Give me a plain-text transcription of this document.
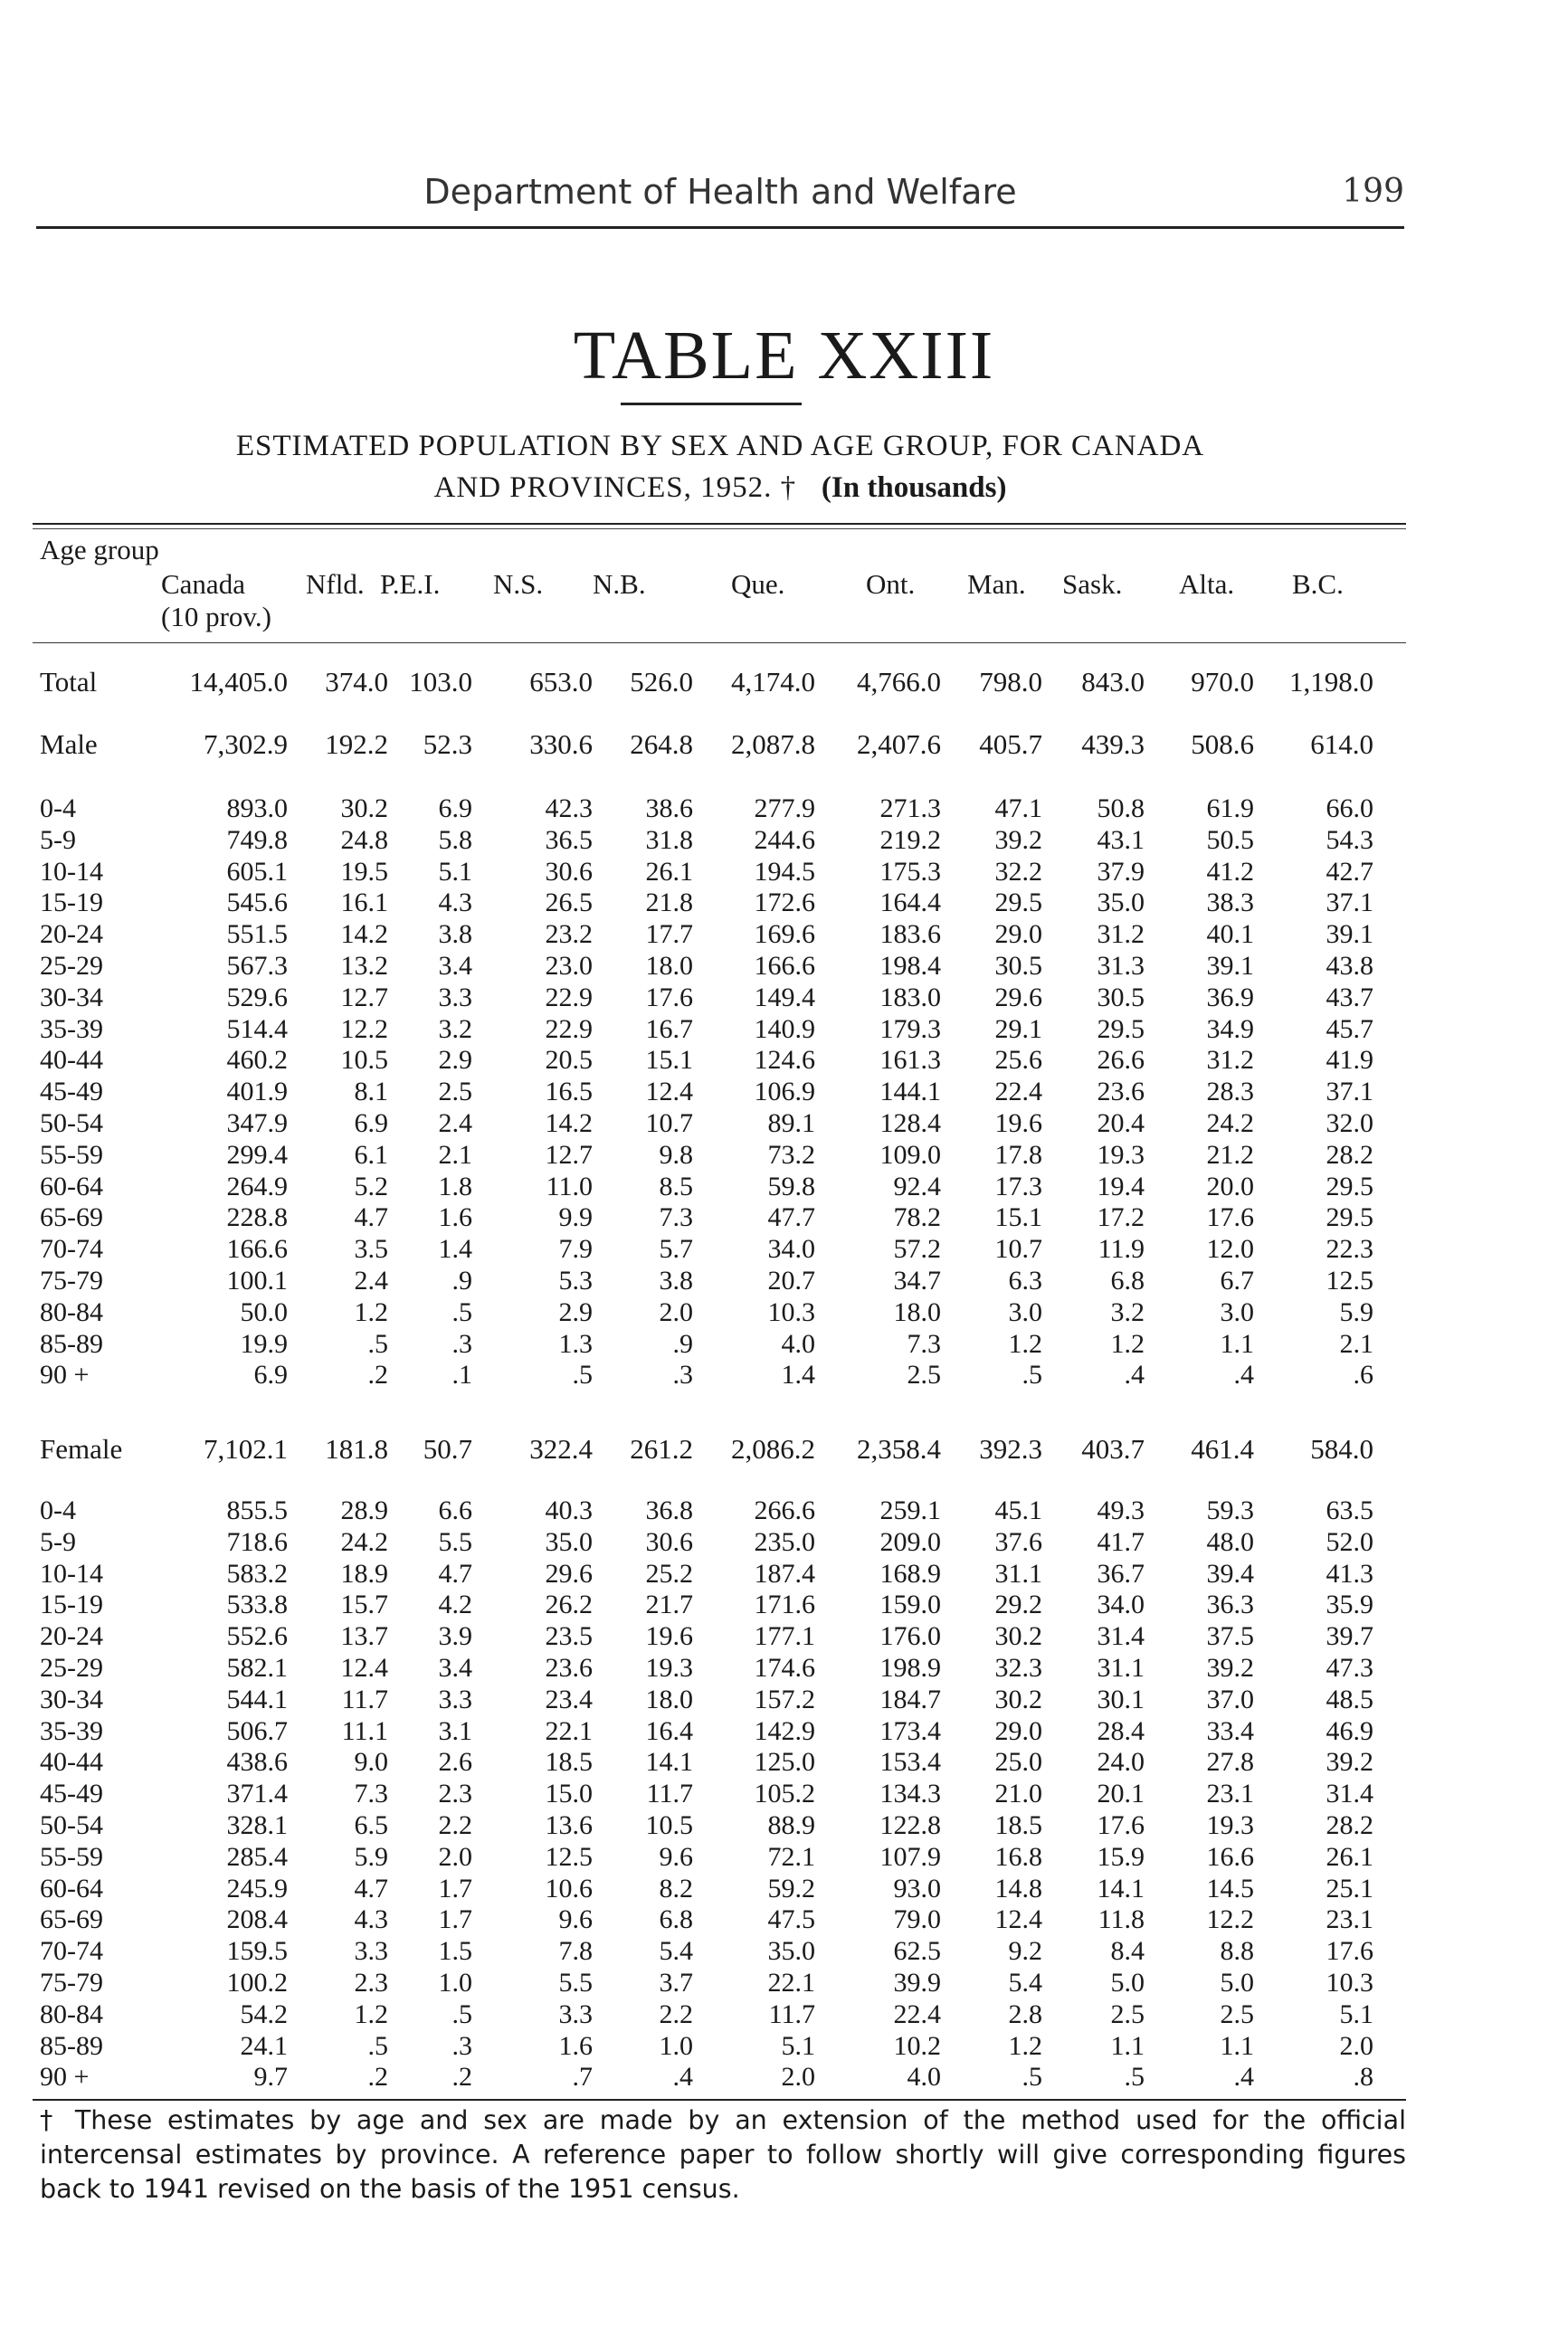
Department of Health and Welfare	199
TABLE XXIII
ESTIMATED POPULATION BY SEX AND AGE GROUP, FOR CANADA
AND PROVINCES, 1952. † (In thousands)
Age group
Canada Nfld. P.E.I. N.S. N.B.	Que.	Ont. Man. Sask. Alta. B.C.
(10 prov.)
Total	14,405.0 374.0 103.0 653.0 526.0 4,174.0 4,766.0 798.0 843.0 970.0 1,198.0
Male	7,302.9 192.2 52.3 330.6 264.8 2,087.8 2,407.6 405.7 439.3 508.6 614.0
0-4	893.0 30.2 6.9	42.3 38.6 277.9 271.3 47.1 50.8 61.9	66.0
5-9	749.8 24.8 5.8	36.5 31.8 244.6 219.2 39.2 43.1 50.5	54.3
10-14	605.1 19.5 5.1	30.6 26.1 194.5 175.3 32.2 37.9 41.2	42.7
15-19	545.6 16.1 4.3	26.5 21.8 172.6 164.4 29.5 35.0 38.3	37.1
20-24	551.5 14.2 3.8	23.2 17.7 169.6 183.6 29.0 31.2 40.1	39.1
25-29	567.3 13.2 3.4	23.0 18.0 166.6 198.4 30.5 31.3 39.1	43.8
30-34	529.6 12.7 3.3	22.9 17.6 149.4 183.0 29.6 30.5 36.9	43.7
35-39	514.4 12.2 3.2	22.9 16.7 140.9 179.3 29.1 29.5 34.9	45.7
40-44	460.2 10.5 2.9	20.5 15.1 124.6 161.3 25.6 26.6 31.2	41.9
45-49	401.9 8.1 2.5	16.5 12.4 106.9 144.1 22.4 23.6 28.3	37.1
50-54	347.9 6.9 2.4	14.2 10.7	89.1 128.4 19.6 20.4 24.2	32.0
55-59	299.4 6.1 2.1	12.7 9.8	73.2 109.0 17.8 19.3 21.2	28.2
60-64	264.9 5.2 1.8	11.0 8.5	59.8	92.4 17.3 19.4 20.0	29.5
65-69	228.8 4.7 1.6	9.9 7.3	47.7	78.2 15.1 17.2 17.6	29.5
70-74	166.6 3.5 1.4	7.9 5.7	34.0	57.2 10.7 11.9 12.0	22.3
75-79	100.1 2.4 .9	5.3 3.8	20.7	34.7 6.3	6.8	6.7	12.5
80-84	50.0 1.2 .5	2.9 2.0	10.3	18.0 3.0	3.2	3.0	5.9
85-89	19.9	.5 .3	1.3	.9	4.0	7.3 1.2	1.2	1.1	2.1
90 +	6.9	.2 .1	.5	.3	1.4	2.5	.5	.4	.4	.6
Female	7,102.1 181.8 50.7 322.4 261.2 2,086.2 2,358.4 392.3 403.7 461.4 584.0
0-4	855.5 28.9 6.6	40.3 36.8 266.6 259.1 45.1 49.3 59.3	63.5
5-9	718.6 24.2 5.5	35.0 30.6 235.0 209.0 37.6 41.7 48.0	52.0
10-14	583.2 18.9 4.7	29.6 25.2 187.4 168.9 31.1 36.7 39.4	41.3
15-19	533.8 15.7 4.2	26.2 21.7 171.6 159.0 29.2 34.0 36.3	35.9
20-24	552.6 13.7 3.9	23.5 19.6 177.1 176.0 30.2 31.4 37.5	39.7
25-29	582.1 12.4 3.4	23.6 19.3 174.6 198.9 32.3 31.1 39.2	47.3
30-34	544.1 11.7 3.3	23.4 18.0 157.2 184.7 30.2 30.1 37.0	48.5
35-39	506.7 11.1 3.1	22.1 16.4 142.9 173.4 29.0 28.4 33.4	46.9
40-44	438.6 9.0 2.6	18.5 14.1 125.0 153.4 25.0 24.0 27.8	39.2
45-49	371.4 7.3 2.3	15.0 11.7 105.2 134.3 21.0 20.1 23.1	31.4
50-54	328.1 6.5 2.2	13.6 10.5	88.9 122.8 18.5 17.6 19.3	28.2
55-59	285.4 5.9 2.0	12.5 9.6	72.1 107.9 16.8 15.9 16.6	26.1
60-64	245.9 4.7 1.7	10.6 8.2	59.2	93.0 14.8 14.1 14.5	25.1
65-69	208.4 4.3 1.7	9.6 6.8	47.5	79.0 12.4 11.8 12.2	23.1
70-74	159.5 3.3 1.5	7.8 5.4	35.0	62.5 9.2	8.4	8.8	17.6
75-79	100.2 2.3 1.0	5.5 3.7	22.1	39.9 5.4	5.0	5.0	10.3
80-84	54.2 1.2 .5	3.3 2.2	11.7	22.4 2.8	2.5	2.5	5.1
85-89	24.1	.5 .3	1.6 1.0	5.1	10.2 1.2	1.1	1.1	2.0
90 +	9.7	.2 .2	.7	.4	2.0	4.0	.5	.5	.4	.8
† These estimates by age and sex are made by an extension of the method used for the official intercensal estimates by province. A reference paper to follow shortly will give corresponding figures back to 1941 revised on the basis of the 1951 census.
